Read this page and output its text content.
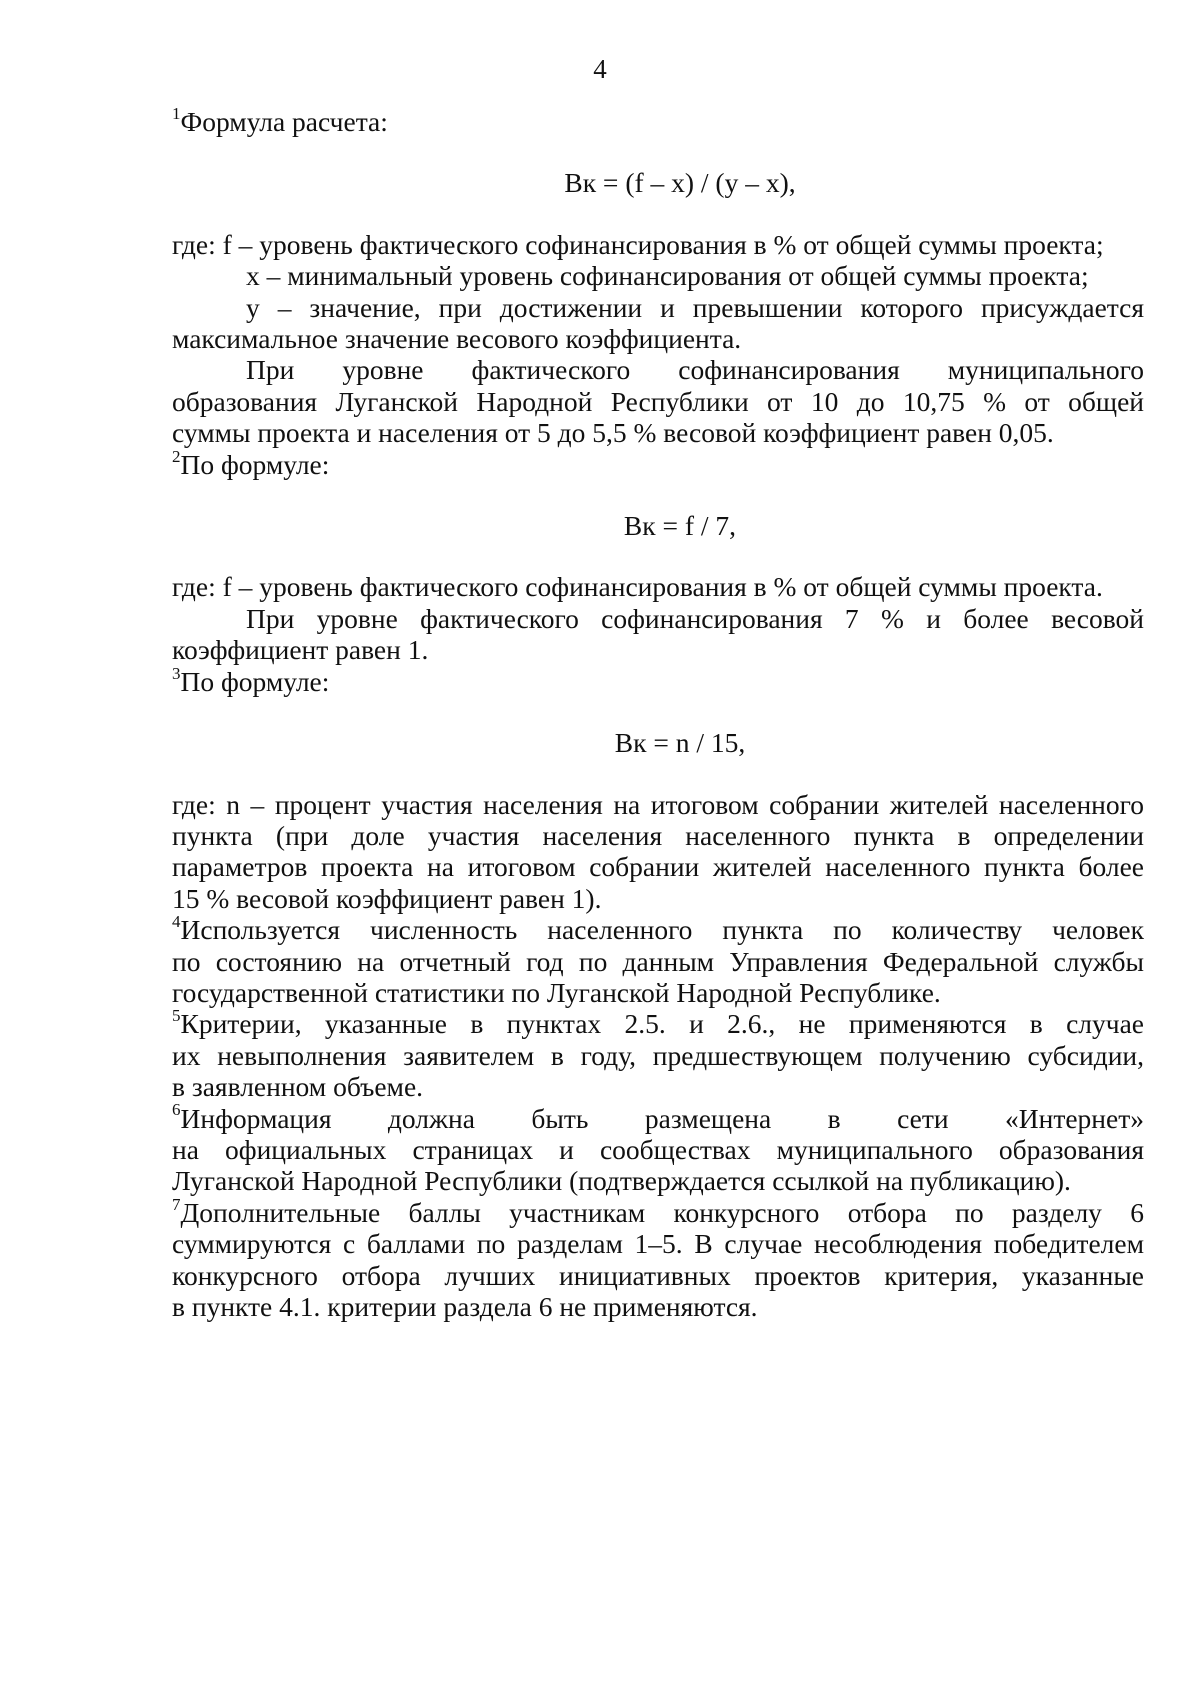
4
$^1$Формула расчета:
Вк = (f – x) / (y – x),
где: f – уровень фактического софинансирования в % от общей суммы проекта;
x – минимальный уровень софинансирования от общей суммы проекта;
y – значение, при достижении и превышении которого присуждается
максимальное значение весового коэффициента.
При уровне фактического софинансирования муниципального
образования Луганской Народной Республики от 10 до 10,75 % от общей
суммы проекта и населения от 5 до 5,5 % весовой коэффициент равен 0,05.
$^2$По формуле:
Вк = f / 7,
где: f – уровень фактического софинансирования в % от общей суммы проекта.
При уровне фактического софинансирования 7 % и более весовой
коэффициент равен 1.
$^3$По формуле:
Вк = n / 15,
где: n – процент участия населения на итоговом собрании жителей населенного
пункта (при доле участия населения населенного пункта в определении
параметров проекта на итоговом собрании жителей населенного пункта более
15 % весовой коэффициент равен 1).
$^4$Используется численность населенного пункта по количеству человек
по состоянию на отчетный год по данным Управления Федеральной службы
государственной статистики по Луганской Народной Республике.
$^5$Критерии, указанные в пунктах 2.5. и 2.6., не применяются в случае
их невыполнения заявителем в году, предшествующем получению субсидии,
в заявленном объеме.
$^6$Информация должна быть размещена в сети «Интернет»
на официальных страницах и сообществах муниципального образования
Луганской Народной Республики (подтверждается ссылкой на публикацию).
$^7$Дополнительные баллы участникам конкурсного отбора по разделу 6
суммируются с баллами по разделам 1–5. В случае несоблюдения победителем
конкурсного отбора лучших инициативных проектов критерия, указанные
в пункте 4.1. критерии раздела 6 не применяются.
